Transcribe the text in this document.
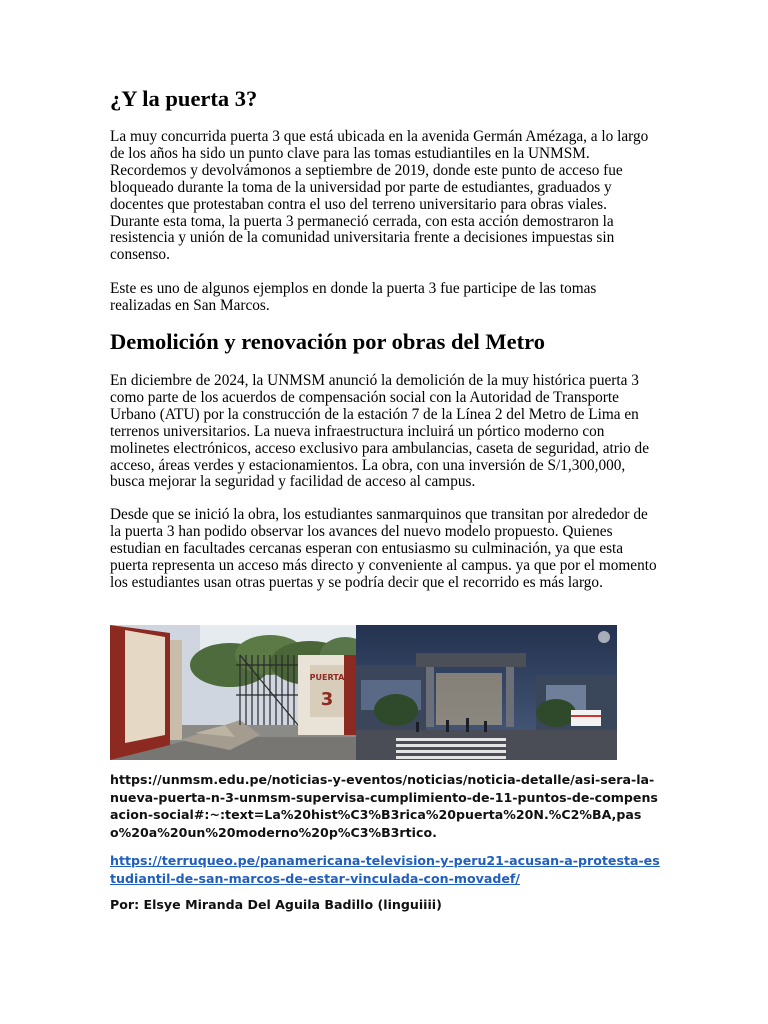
¿Y la puerta 3?

La muy concurrida puerta 3 que está ubicada en la avenida Germán Amézaga, a lo largo de los años ha sido un punto clave para las tomas estudiantiles en la UNMSM. Recordemos y devolvámonos a septiembre de 2019, donde este punto de acceso fue bloqueado durante la toma de la universidad por parte de estudiantes, graduados y docentes que protestaban contra el uso del terreno universitario para obras viales. Durante esta toma, la puerta 3 permaneció cerrada, con esta acción demostraron la resistencia y unión de la comunidad universitaria frente a decisiones impuestas sin consenso.

Este es uno de algunos ejemplos en donde la puerta 3 fue participe de las tomas realizadas en San Marcos.

Demolición y renovación por obras del Metro

En diciembre de 2024, la UNMSM anunció la demolición de la muy histórica puerta 3 como parte de los acuerdos de compensación social con la Autoridad de Transporte Urbano (ATU) por la construcción de la estación 7 de la Línea 2 del Metro de Lima en terrenos universitarios. La nueva infraestructura incluirá un pórtico moderno con molinetes electrónicos, acceso exclusivo para ambulancias, caseta de seguridad, atrio de acceso, áreas verdes y estacionamientos. La obra, con una inversión de S/1,300,000, busca mejorar la seguridad y facilidad de acceso al campus.

Desde que se inició la obra, los estudiantes sanmarquinos que transitan por alrededor de la puerta 3 han podido observar los avances del nuevo modelo propuesto. Quienes estudian en facultades cercanas esperan con entusiasmo su culminación, ya que esta puerta representa un acceso más directo y conveniente al campus. ya que por el momento los estudiantes usan otras puertas y se podría decir que el recorrido es más largo.

PUERTA
3
https://unmsm.edu.pe/noticias-y-eventos/noticias/noticia-detalle/asi-sera-la-nueva-puerta-n-3-unmsm-supervisa-cumplimiento-de-11-puntos-de-compensacion-social#:~:text=La%20hist%C3%B3rica%20puerta%20N.%C2%BA,paso%20a%20un%20moderno%20p%C3%B3rtico.
https://terruqueo.pe/panamericana-television-y-peru21-acusan-a-protesta-estudiantil-de-san-marcos-de-estar-vinculada-con-movadef/
Por: Elsye Miranda Del Aguila Badillo (linguiiii)
